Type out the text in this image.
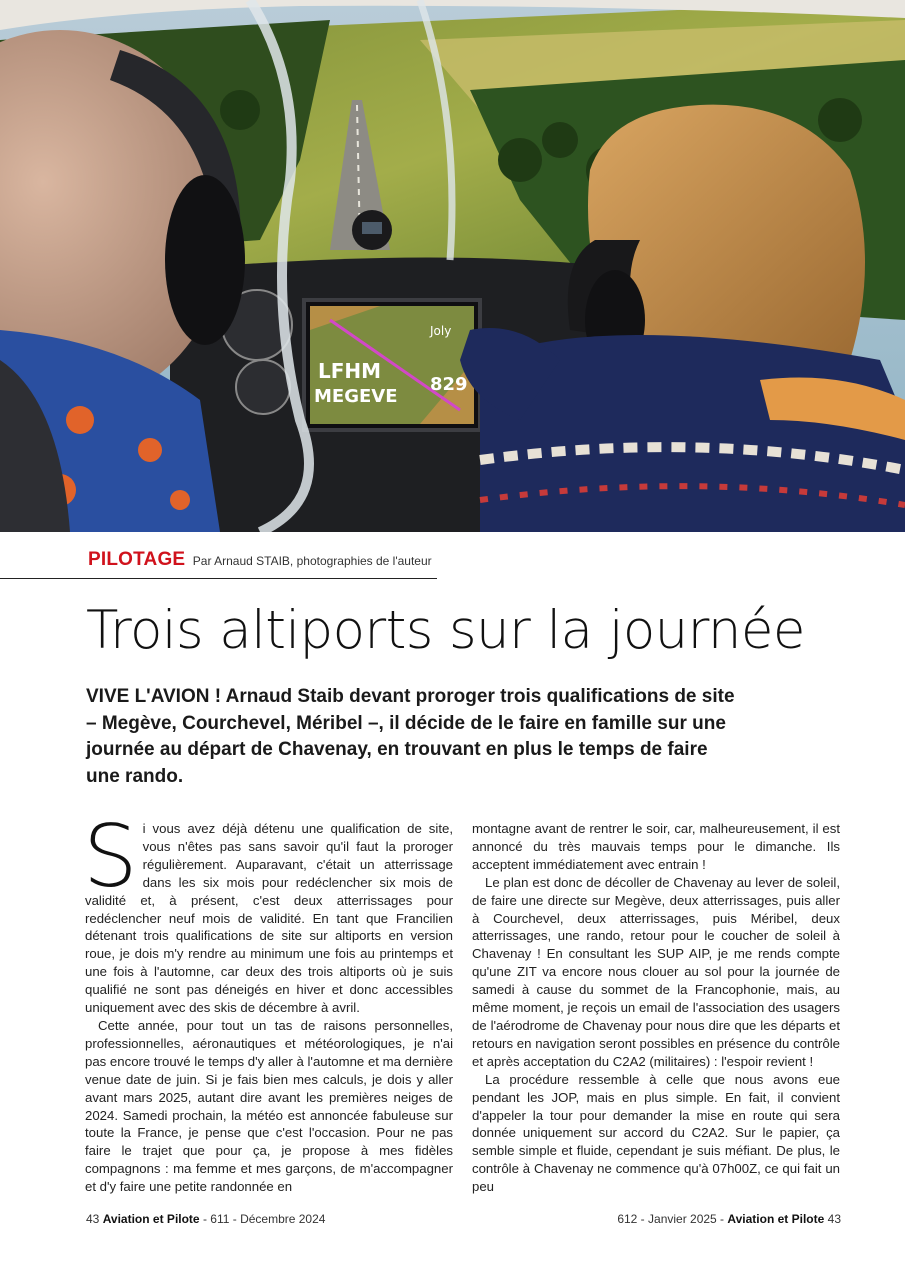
LFHM
MEGEVE
Joly
829
PILOTAGE Par Arnaud STAIB, photographies de l'auteur
Trois altiports sur la journée

VIVE L'AVION ! Arnaud Staib devant proroger trois qualifications de site – Megève, Courchevel, Méribel –, il décide de le faire en famille sur une journée au départ de Chavenay, en trouvant en plus le temps de faire une rando.

Si vous avez déjà détenu une qualification de site, vous n'êtes pas sans savoir qu'il faut la proroger régulièrement. Auparavant, c'était un atterrissage dans les six mois pour redéclencher six mois de validité et, à présent, c'est deux atterrissages pour redéclencher neuf mois de validité. En tant que Francilien détenant trois qualifications de site sur altiports en version roue, je dois m'y rendre au minimum une fois au printemps et une fois à l'automne, car deux des trois altiports où je suis qualifié ne sont pas déneigés en hiver et donc accessibles uniquement avec des skis de décembre à avril.

Cette année, pour tout un tas de raisons personnelles, professionnelles, aéronautiques et météorologiques, je n'ai pas encore trouvé le temps d'y aller à l'automne et ma dernière venue date de juin. Si je fais bien mes calculs, je dois y aller avant mars 2025, autant dire avant les premières neiges de 2024. Samedi prochain, la météo est annoncée fabuleuse sur toute la France, je pense que c'est l'occasion. Pour ne pas faire le trajet que pour ça, je propose à mes fidèles compagnons : ma femme et mes garçons, de m'accompagner et d'y faire une petite randonnée en

montagne avant de rentrer le soir, car, malheureusement, il est annoncé du très mauvais temps pour le dimanche. Ils acceptent immédiatement avec entrain !

Le plan est donc de décoller de Chavenay au lever de soleil, de faire une directe sur Megève, deux atterrissages, puis aller à Courchevel, deux atterrissages, puis Méribel, deux atterrissages, une rando, retour pour le coucher de soleil à Chavenay ! En consultant les SUP AIP, je me rends compte qu'une ZIT va encore nous clouer au sol pour la journée de samedi à cause du sommet de la Francophonie, mais, au même moment, je reçois un email de l'association des usagers de l'aérodrome de Chavenay pour nous dire que les départs et retours en navigation seront possibles en présence du contrôle et après acceptation du C2A2 (militaires) : l'espoir revient !

La procédure ressemble à celle que nous avons eue pendant les JOP, mais en plus simple. En fait, il convient d'appeler la tour pour demander la mise en route qui sera donnée uniquement sur accord du C2A2. Sur le papier, ça semble simple et fluide, cependant je suis méfiant. De plus, le contrôle à Chavenay ne commence qu'à 07h00Z, ce qui fait un peu

43 Aviation et Pilote - 611 - Décembre 2024	612 - Janvier 2025 - Aviation et Pilote 43
